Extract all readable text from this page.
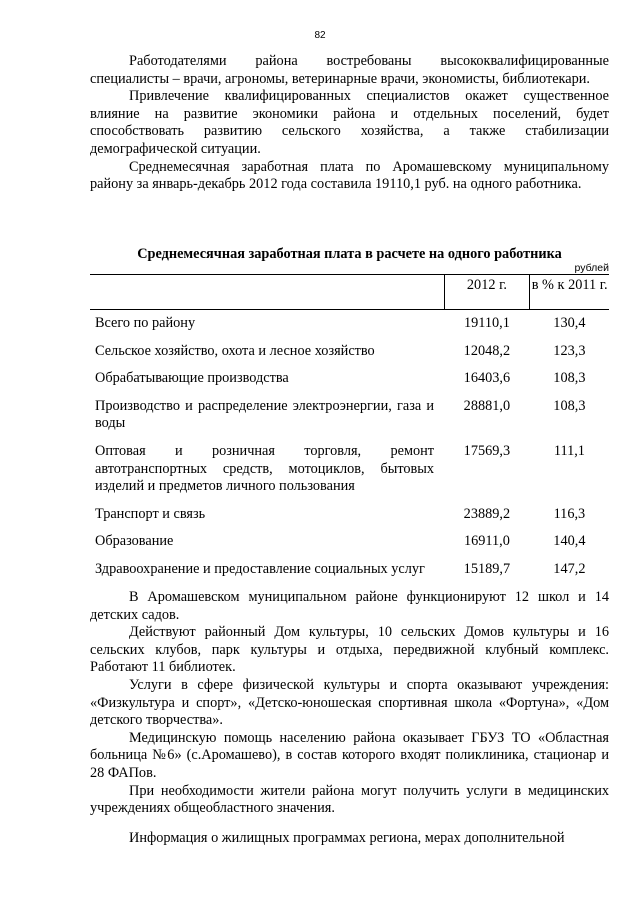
82

Работодателями района востребованы высококвалифицированные специалисты – врачи, агрономы, ветеринарные врачи, экономисты, библиотекари.

Привлечение квалифицированных специалистов окажет существенное влияние на развитие экономики района и отдельных поселений, будет способствовать развитию сельского хозяйства, а также стабилизации демографической ситуации.

Среднемесячная заработная плата по Аромашевскому муниципальному району за январь-декабрь 2012 года составила 19110,1 руб. на одного работника.

Среднемесячная заработная плата в расчете на одного работника
рублей
	2012 г.	в % к 2011 г.
Всего по району	19110,1	130,4
Сельское хозяйство, охота и лесное хозяйство	12048,2	123,3
Обрабатывающие производства	16403,6	108,3
Производство и распределение электроэнергии, газа и воды	28881,0	108,3
Оптовая и розничная торговля, ремонт автотранспортных средств, мотоциклов, бытовых изделий и предметов личного пользования	17569,3	111,1
Транспорт и связь	23889,2	116,3
Образование	16911,0	140,4
Здравоохранение и предоставление социальных услуг	15189,7	147,2

В Аромашевском муниципальном районе функционируют 12 школ и 14 детских садов.

Действуют районный Дом культуры, 10 сельских Домов культуры и 16 сельских клубов, парк культуры и отдыха, передвижной клубный комплекс. Работают 11 библиотек.

Услуги в сфере физической культуры и спорта оказывают учреждения: «Физкультура и спорт», «Детско-юношеская спортивная школа «Фортуна», «Дом детского творчества».

Медицинскую помощь населению района оказывает ГБУЗ ТО «Областная больница №6» (с.Аромашево), в состав которого входят поликлиника, стационар и 28 ФАПов.

При необходимости жители района могут получить услуги в медицинских учреждениях общеобластного значения.

Информация о жилищных программах региона, мерах дополнительной
